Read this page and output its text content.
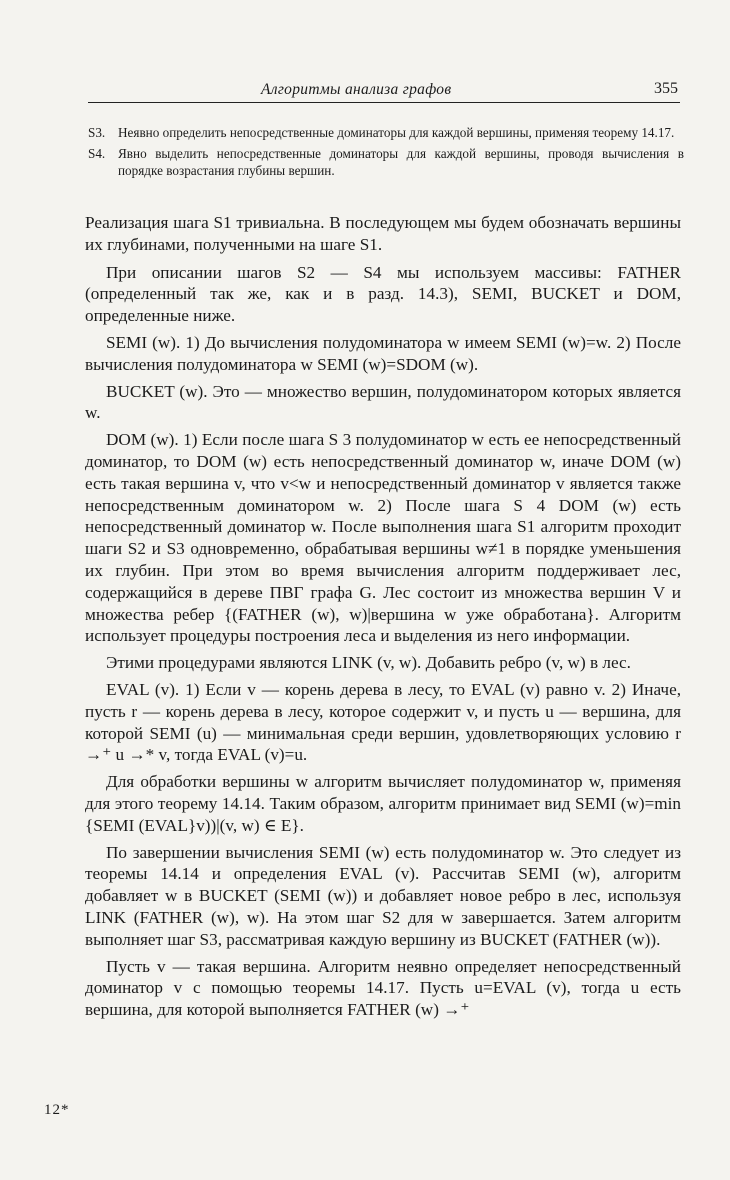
Алгоритмы анализа графов	355
S3. Неявно определить непосредственные доминаторы для каждой вершины, применяя теорему 14.17.
S4. Явно выделить непосредственные доминаторы для каждой вершины, проводя вычисления в порядке возрастания глубины вершин.

Реализация шага S1 тривиальна. В последующем мы будем обозначать вершины их глубинами, полученными на шаге S1.

При описании шагов S2 — S4 мы используем массивы: FATHER (определенный так же, как и в разд. 14.3), SEMI, BUCKET и DOM, определенные ниже.

SEMI (w). 1) До вычисления полудоминатора w имеем SEMI (w)=w. 2) После вычисления полудоминатора w SEMI (w)=SDOM (w).

BUCKET (w). Это — множество вершин, полудоминатором которых является w.

DOM (w). 1) Если после шага S 3 полудоминатор w есть ее непосредственный доминатор, то DOM (w) есть непосредственный доминатор w, иначе DOM (w) есть такая вершина v, что v<w и непосредственный доминатор v является также непосредственным доминатором w. 2) После шага S 4 DOM (w) есть непосредственный доминатор w. После выполнения шага S1 алгоритм проходит шаги S2 и S3 одновременно, обрабатывая вершины w≠1 в порядке уменьшения их глубин. При этом во время вычисления алгоритм поддерживает лес, содержащийся в дереве ПВГ графа G. Лес состоит из множества вершин V и множества ребер {(FATHER (w), w)|вершина w уже обработана}. Алгоритм использует процедуры построения леса и выделения из него информации.

Этими процедурами являются LINK (v, w). Добавить ребро (v, w) в лес.

EVAL (v). 1) Если v — корень дерева в лесу, то EVAL (v) равно v. 2) Иначе, пусть r — корень дерева в лесу, которое содержит v, и пусть u — вершина, для которой SEMI (u) — минимальная среди вершин, удовлетворяющих условию r →⁺ u →* v, тогда EVAL (v)=u.

Для обработки вершины w алгоритм вычисляет полудоминатор w, применяя для этого теорему 14.14. Таким образом, алгоритм принимает вид SEMI (w)=min {SEMI (EVAL}v))|(v, w) ∈ E}.

По завершении вычисления SEMI (w) есть полудоминатор w. Это следует из теоремы 14.14 и определения EVAL (v). Рассчитав SEMI (w), алгоритм добавляет w в BUCKET (SEMI (w)) и добавляет новое ребро в лес, используя LINK (FATHER (w), w). На этом шаг S2 для w завершается. Затем алгоритм выполняет шаг S3, рассматривая каждую вершину из BUCKET (FATHER (w)).

Пусть v — такая вершина. Алгоритм неявно определяет непосредственный доминатор v с помощью теоремы 14.17. Пусть u=EVAL (v), тогда u есть вершина, для которой выполняется FATHER (w) →⁺

12*
